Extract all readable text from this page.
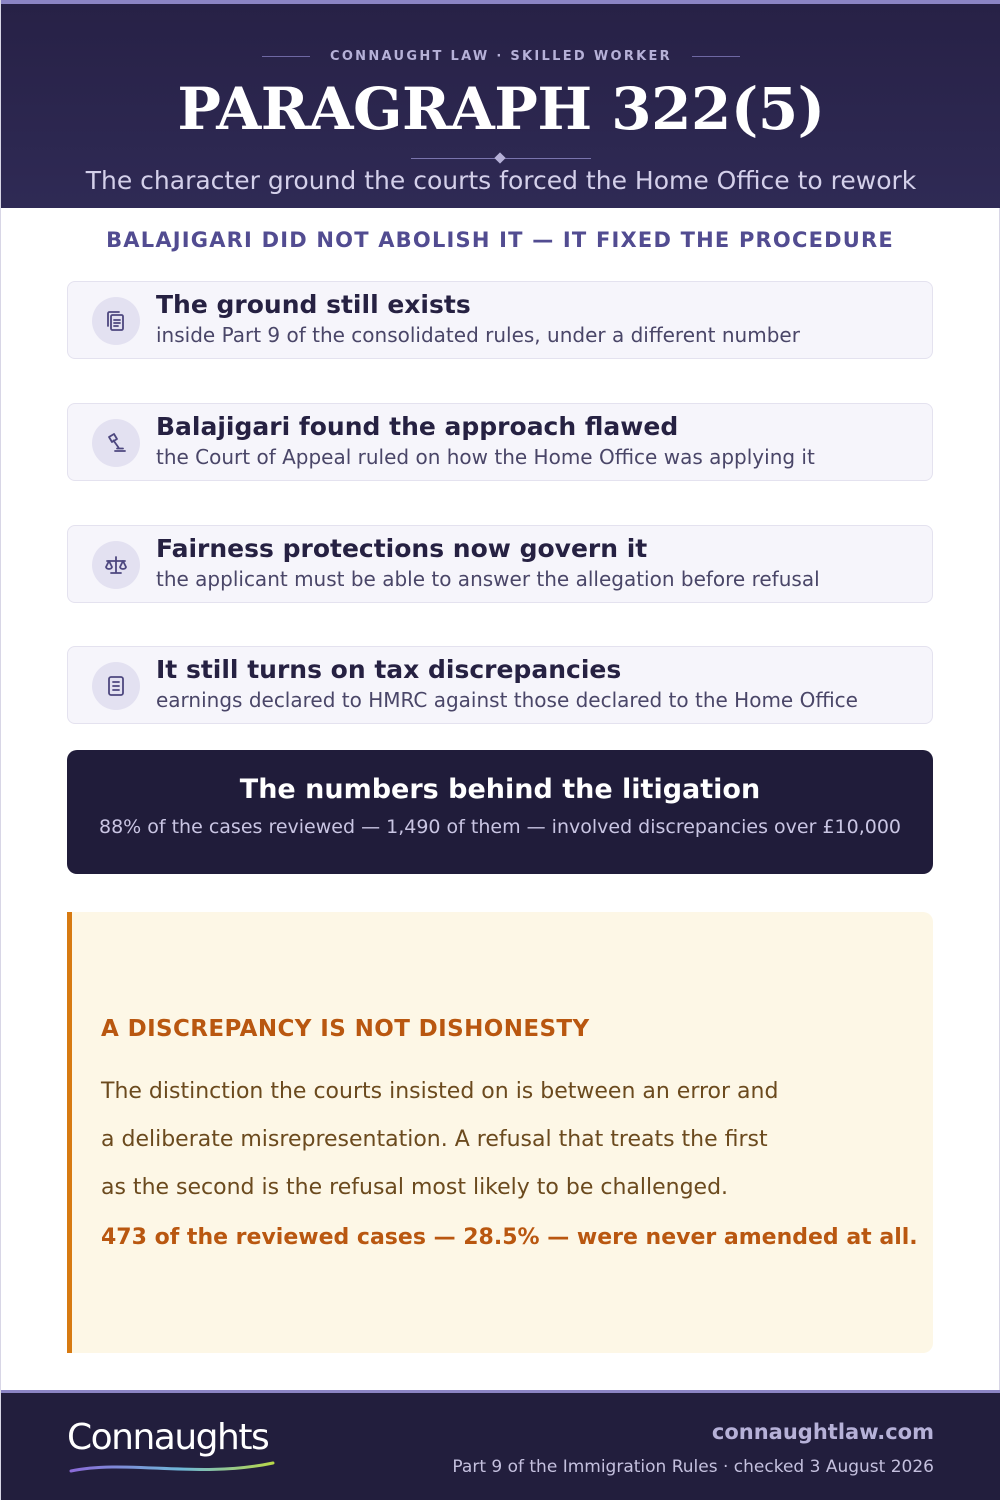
CONNAUGHT LAW · SKILLED WORKER
PARAGRAPH 322(5)
The character ground the courts forced the Home Office to rework
BALAJIGARI DID NOT ABOLISH IT — IT FIXED THE PROCEDURE
The ground still exists
inside Part 9 of the consolidated rules, under a different number
Balajigari found the approach flawed
the Court of Appeal ruled on how the Home Office was applying it
Fairness protections now govern it
the applicant must be able to answer the allegation before refusal
It still turns on tax discrepancies
earnings declared to HMRC against those declared to the Home Office
The numbers behind the litigation
88% of the cases reviewed — 1,490 of them — involved discrepancies over £10,000
A DISCREPANCY IS NOT DISHONESTY
The distinction the courts insisted on is between an error and
a deliberate misrepresentation. A refusal that treats the first
as the second is the refusal most likely to be challenged.
473 of the reviewed cases — 28.5% — were never amended at all.
Connaughts	connaughtlaw.com
Part 9 of the Immigration Rules · checked 3 August 2026
